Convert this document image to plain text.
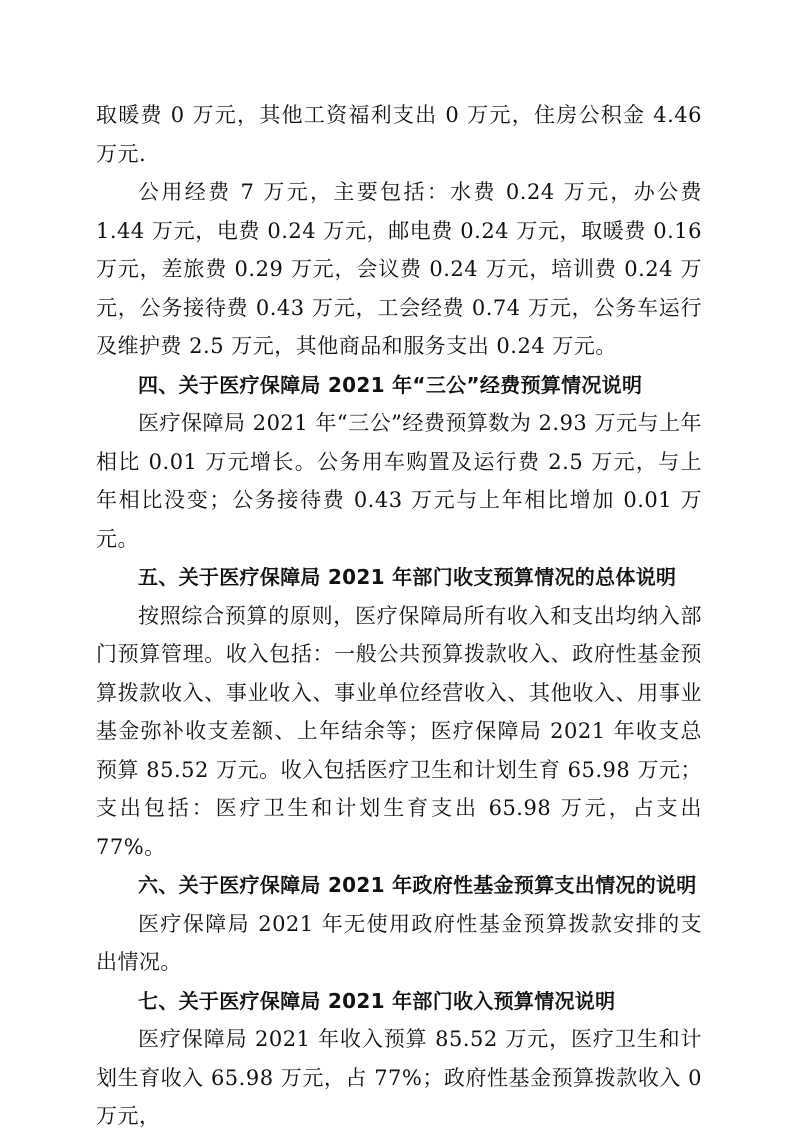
取暖费 0 万元，其他工资福利支出 0 万元，住房公积金 4.46 万元.

公用经费 7 万元，主要包括：水费 0.24 万元，办公费 1.44 万元，电费 0.24 万元，邮电费 0.24 万元，取暖费 0.16 万元，差旅费 0.29 万元，会议费 0.24 万元，培训费 0.24 万元，公务接待费 0.43 万元，工会经费 0.74 万元，公务车运行及维护费 2.5 万元，其他商品和服务支出 0.24 万元。

四、关于医疗保障局 2021 年“三公”经费预算情况说明

医疗保障局 2021 年“三公”经费预算数为 2.93 万元与上年相比 0.01 万元增长。公务用车购置及运行费 2.5 万元，与上年相比没变；公务接待费 0.43 万元与上年相比增加 0.01 万元。

五、关于医疗保障局 2021 年部门收支预算情况的总体说明

按照综合预算的原则，医疗保障局所有收入和支出均纳入部门预算管理。收入包括：一般公共预算拨款收入、政府性基金预算拨款收入、事业收入、事业单位经营收入、其他收入、用事业基金弥补收支差额、上年结余等；医疗保障局 2021 年收支总预算 85.52 万元。收入包括医疗卫生和计划生育 65.98 万元；支出包括：医疗卫生和计划生育支出 65.98 万元，占支出 77%。

六、关于医疗保障局 2021 年政府性基金预算支出情况的说明

医疗保障局 2021 年无使用政府性基金预算拨款安排的支出情况。

七、关于医疗保障局 2021 年部门收入预算情况说明

医疗保障局 2021 年收入预算 85.52 万元，医疗卫生和计划生育收入 65.98 万元，占 77%；政府性基金预算拨款收入 0 万元，
